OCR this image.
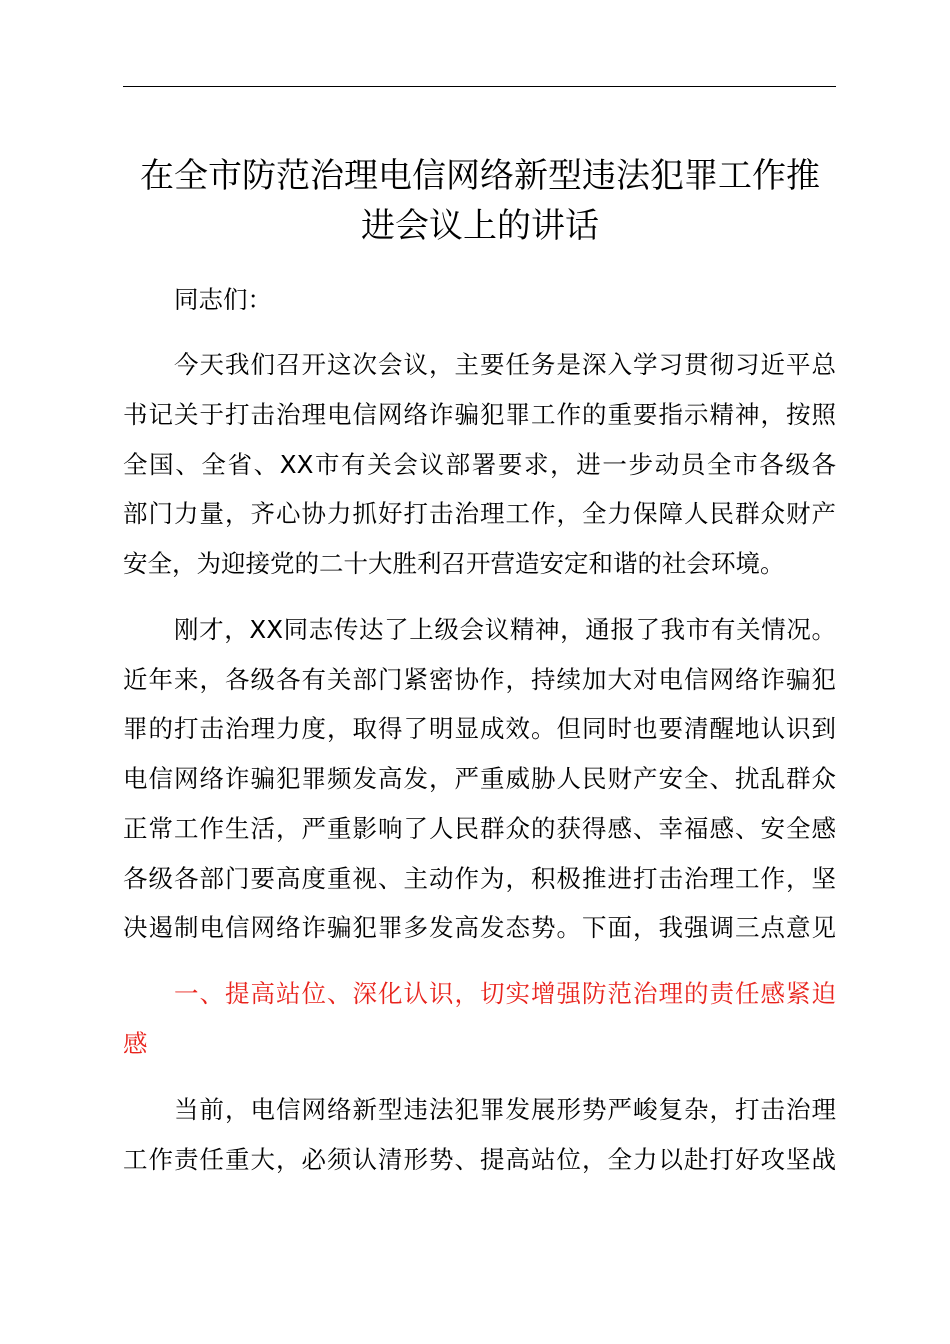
在全市防范治理电信网络新型违法犯罪工作推
进会议上的讲话
同志们：
今天我们召开这次会议，主要任务是深入学习贯彻习近平总
书记关于打击治理电信网络诈骗犯罪工作的重要指示精神，按照
全国、全省、XX市有关会议部署要求，进一步动员全市各级各
部门力量，齐心协力抓好打击治理工作，全力保障人民群众财产
安全，为迎接党的二十大胜利召开营造安定和谐的社会环境。
刚才，XX同志传达了上级会议精神，通报了我市有关情况。
近年来，各级各有关部门紧密协作，持续加大对电信网络诈骗犯
罪的打击治理力度，取得了明显成效。但同时也要清醒地认识到
电信网络诈骗犯罪频发高发，严重威胁人民财产安全、扰乱群众
正常工作生活，严重影响了人民群众的获得感、幸福感、安全感
各级各部门要高度重视、主动作为，积极推进打击治理工作，坚
决遏制电信网络诈骗犯罪多发高发态势。下面，我强调三点意见
一、提高站位、深化认识，切实增强防范治理的责任感紧迫
感
当前，电信网络新型违法犯罪发展形势严峻复杂，打击治理
工作责任重大，必须认清形势、提高站位，全力以赴打好攻坚战
